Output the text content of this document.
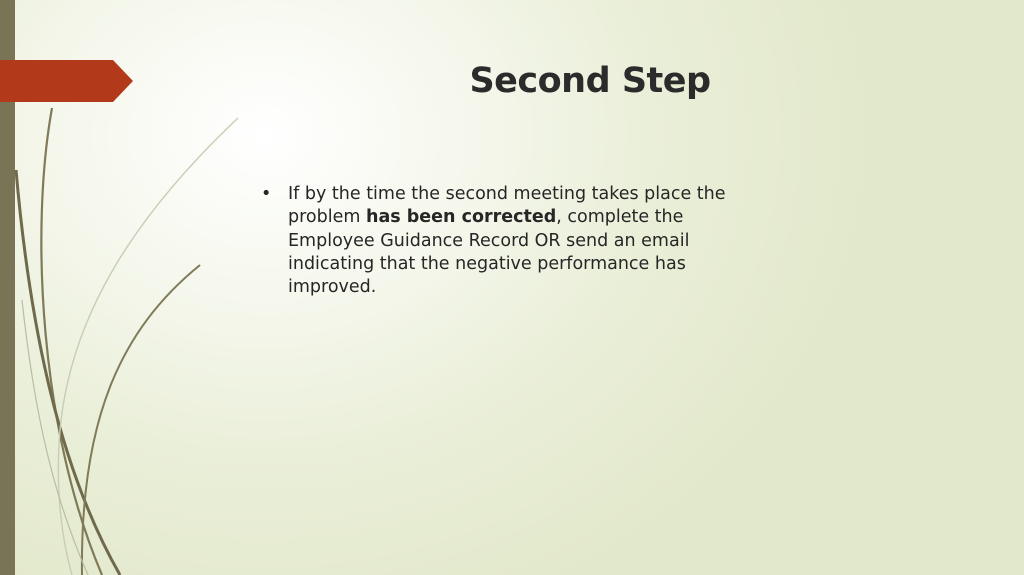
Second Step
• If by the time the second meeting takes place the problem has been corrected, complete the Employee Guidance Record OR send an email indicating that the negative performance has improved.
